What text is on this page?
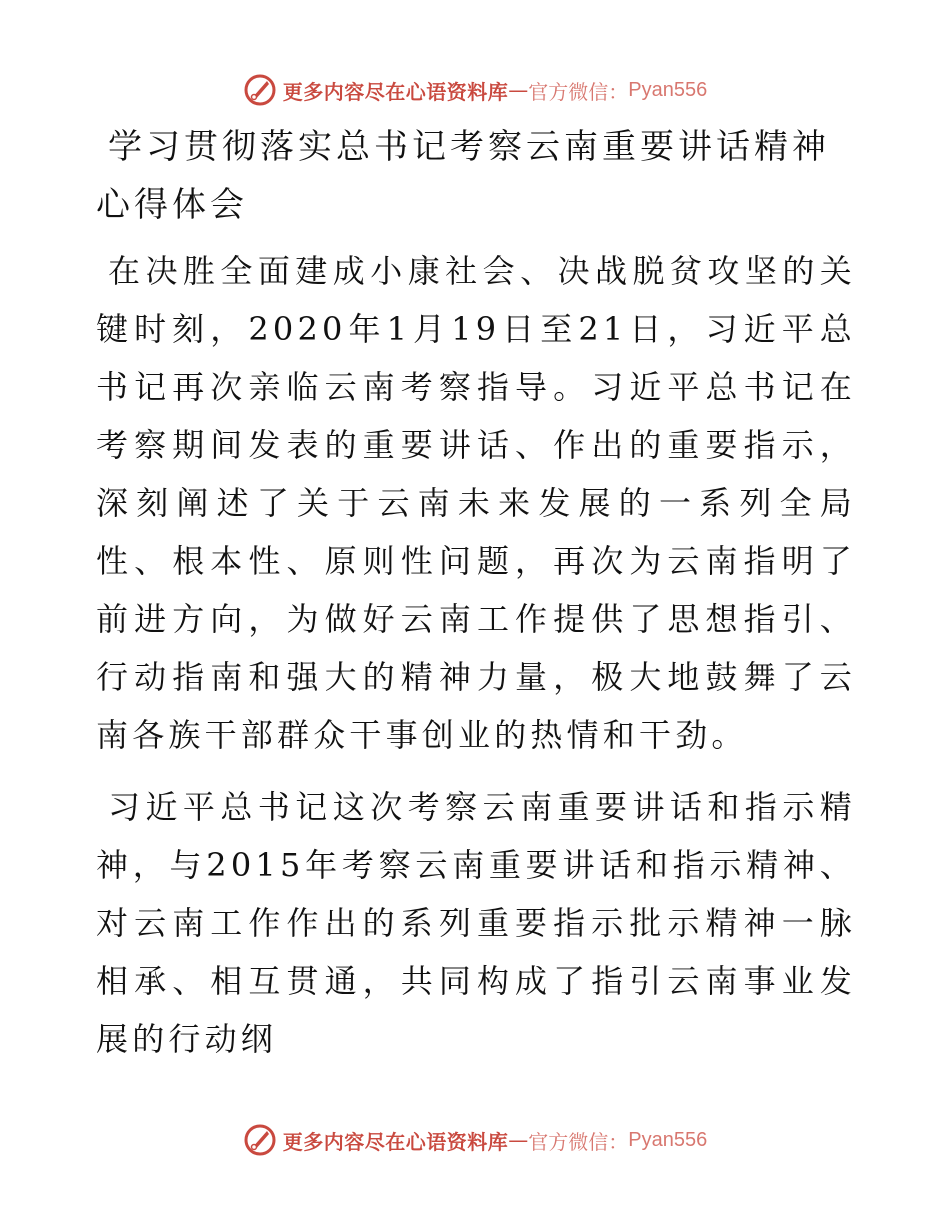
更多内容尽在心语资料库 — 官方微信： Pyan556
学习贯彻落实总书记考察云南重要讲话精神心得体会

在决胜全面建成小康社会、决战脱贫攻坚的关键时刻，2020年1月19日至21日，习近平总书记再次亲临云南考察指导。习近平总书记在考察期间发表的重要讲话、作出的重要指示，深刻阐述了关于云南未来发展的一系列全局性、根本性、原则性问题，再次为云南指明了前进方向，为做好云南工作提供了思想指引、行动指南和强大的精神力量，极大地鼓舞了云南各族干部群众干事创业的热情和干劲。

习近平总书记这次考察云南重要讲话和指示精神，与2015年考察云南重要讲话和指示精神、对云南工作作出的系列重要指示批示精神一脉相承、相互贯通，共同构成了指引云南事业发展的行动纲

更多内容尽在心语资料库 — 官方微信： Pyan556
